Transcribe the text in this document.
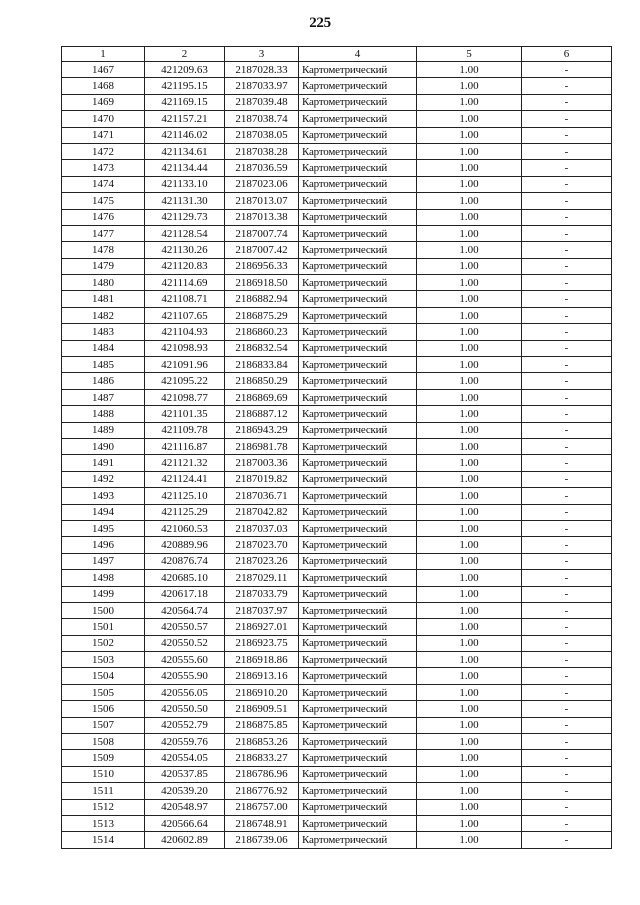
225
1	2	3	4	5	6
1467	421209.63	2187028.33	Картометрический	1.00	-
1468	421195.15	2187033.97	Картометрический	1.00	-
1469	421169.15	2187039.48	Картометрический	1.00	-
1470	421157.21	2187038.74	Картометрический	1.00	-
1471	421146.02	2187038.05	Картометрический	1.00	-
1472	421134.61	2187038.28	Картометрический	1.00	-
1473	421134.44	2187036.59	Картометрический	1.00	-
1474	421133.10	2187023.06	Картометрический	1.00	-
1475	421131.30	2187013.07	Картометрический	1.00	-
1476	421129.73	2187013.38	Картометрический	1.00	-
1477	421128.54	2187007.74	Картометрический	1.00	-
1478	421130.26	2187007.42	Картометрический	1.00	-
1479	421120.83	2186956.33	Картометрический	1.00	-
1480	421114.69	2186918.50	Картометрический	1.00	-
1481	421108.71	2186882.94	Картометрический	1.00	-
1482	421107.65	2186875.29	Картометрический	1.00	-
1483	421104.93	2186860.23	Картометрический	1.00	-
1484	421098.93	2186832.54	Картометрический	1.00	-
1485	421091.96	2186833.84	Картометрический	1.00	-
1486	421095.22	2186850.29	Картометрический	1.00	-
1487	421098.77	2186869.69	Картометрический	1.00	-
1488	421101.35	2186887.12	Картометрический	1.00	-
1489	421109.78	2186943.29	Картометрический	1.00	-
1490	421116.87	2186981.78	Картометрический	1.00	-
1491	421121.32	2187003.36	Картометрический	1.00	-
1492	421124.41	2187019.82	Картометрический	1.00	-
1493	421125.10	2187036.71	Картометрический	1.00	-
1494	421125.29	2187042.82	Картометрический	1.00	-
1495	421060.53	2187037.03	Картометрический	1.00	-
1496	420889.96	2187023.70	Картометрический	1.00	-
1497	420876.74	2187023.26	Картометрический	1.00	-
1498	420685.10	2187029.11	Картометрический	1.00	-
1499	420617.18	2187033.79	Картометрический	1.00	-
1500	420564.74	2187037.97	Картометрический	1.00	-
1501	420550.57	2186927.01	Картометрический	1.00	-
1502	420550.52	2186923.75	Картометрический	1.00	-
1503	420555.60	2186918.86	Картометрический	1.00	-
1504	420555.90	2186913.16	Картометрический	1.00	-
1505	420556.05	2186910.20	Картометрический	1.00	-
1506	420550.50	2186909.51	Картометрический	1.00	-
1507	420552.79	2186875.85	Картометрический	1.00	-
1508	420559.76	2186853.26	Картометрический	1.00	-
1509	420554.05	2186833.27	Картометрический	1.00	-
1510	420537.85	2186786.96	Картометрический	1.00	-
1511	420539.20	2186776.92	Картометрический	1.00	-
1512	420548.97	2186757.00	Картометрический	1.00	-
1513	420566.64	2186748.91	Картометрический	1.00	-
1514	420602.89	2186739.06	Картометрический	1.00	-
